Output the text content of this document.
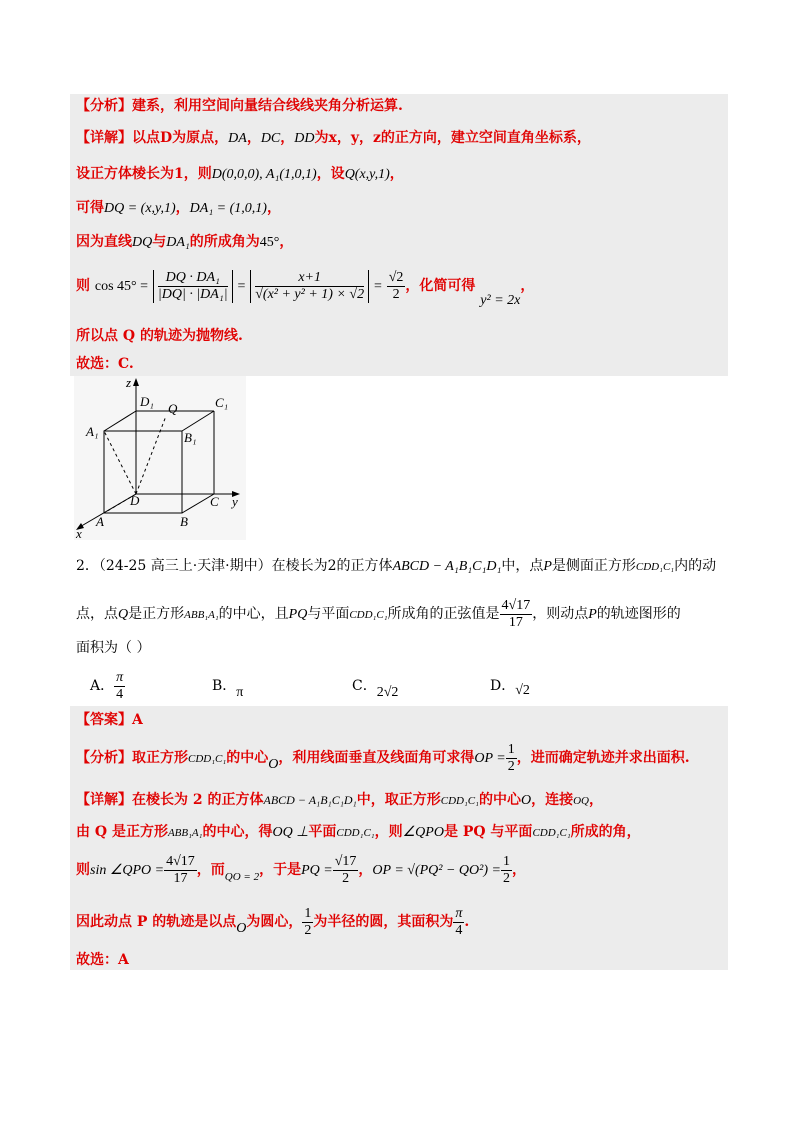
【分析】建系，利用空间向量结合线线夹角分析运算.
【详解】以点D为原点，DA，DC，DD为x，y，z的正方向，建立空间直角坐标系，
设正方体棱长为1，则D(0,0,0), A₁(1,0,1)，设Q(x,y,1)，
可得DQ = (x,y,1)，DA₁ = (1,0,1)，
因为直线DQ与DA₁的所成角为45°，
则 $\cos 45^\circ = \frac{\text{DQ · DA₁}}{\text{|DQ| · |DA₁|}} = \frac{x+1}{\text{√(x² + y² + 1) × √2}} = \frac{√2}{2}$ ，化简可得 y² = 2x，
所以点 Q 的轨迹为抛物线.
故选：C.
z
D₁ Q	C₁
A₁	B₁
D	C y
A	B
x
2．（24-25 高三上·天津·期中）在棱长为2的正方体ABCD − A₁B₁C₁D₁中，点P是侧面正方形CDD₁C₁内的动
点，点Q是正方形ABB₁A₁的中心，且PQ与平面CDD₁C₁所成角的正弦值是 $\frac{4√17}{17}$ ，则动点P的轨迹图形的
面积为（ ）
A． $\frac{\pi}{4}$	B．π	C．2√2	D．√2
【答案】A
【分析】取正方形CDD₁C₁的中心O，利用线面垂直及线面角可求得OP = $\frac{1}{2}$ ，进而确定轨迹并求出面积.
【详解】在棱长为 2 的正方体ABCD − A₁B₁C₁D₁中，取正方形CDD₁C₁的中心O，连接OQ，
由 Q 是正方形ABB₁A₁的中心，得OQ ⊥平面CDD₁C₁，则∠QPO是 PQ 与平面CDD₁C₁所成的角，
则sin ∠QPO = $\frac{4√17}{17}$ ，而$_{QO = 2}$，于是PQ = $\frac{√17}{2}$ ，OP = $√(PQ^2 - QO^2) = \frac{1}{2}$ ，
因此动点 P 的轨迹是以点O为圆心， $\frac{1}{2}$ 为半径的圆，其面积为 $\frac{\pi}{4}$ .
故选：A
